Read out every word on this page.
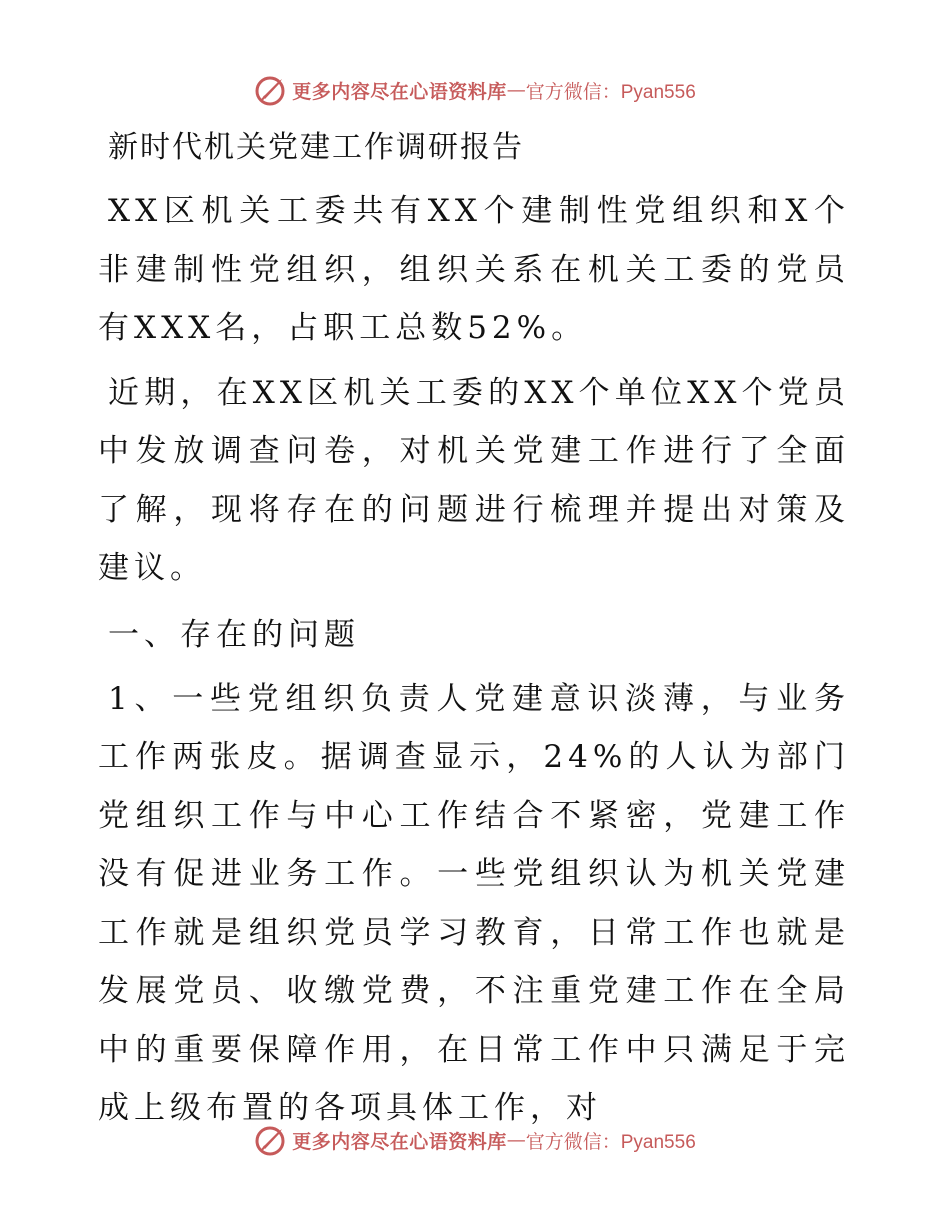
更多内容尽在心语资料库 — 官方微信：Pyan556
新时代机关党建工作调研报告

XX区机关工委共有XX个建制性党组织和X个非建制性党组织，组织关系在机关工委的党员有XXX名，占职工总数52%。

近期，在XX区机关工委的XX个单位XX个党员中发放调查问卷，对机关党建工作进行了全面了解，现将存在的问题进行梳理并提出对策及建议。

一、存在的问题

1、一些党组织负责人党建意识淡薄，与业务工作两张皮。据调查显示，24%的人认为部门党组织工作与中心工作结合不紧密，党建工作没有促进业务工作。一些党组织认为机关党建工作就是组织党员学习教育，日常工作也就是发展党员、收缴党费，不注重党建工作在全局中的重要保障作用，在日常工作中只满足于完成上级布置的各项具体工作，对

更多内容尽在心语资料库 — 官方微信：Pyan556
